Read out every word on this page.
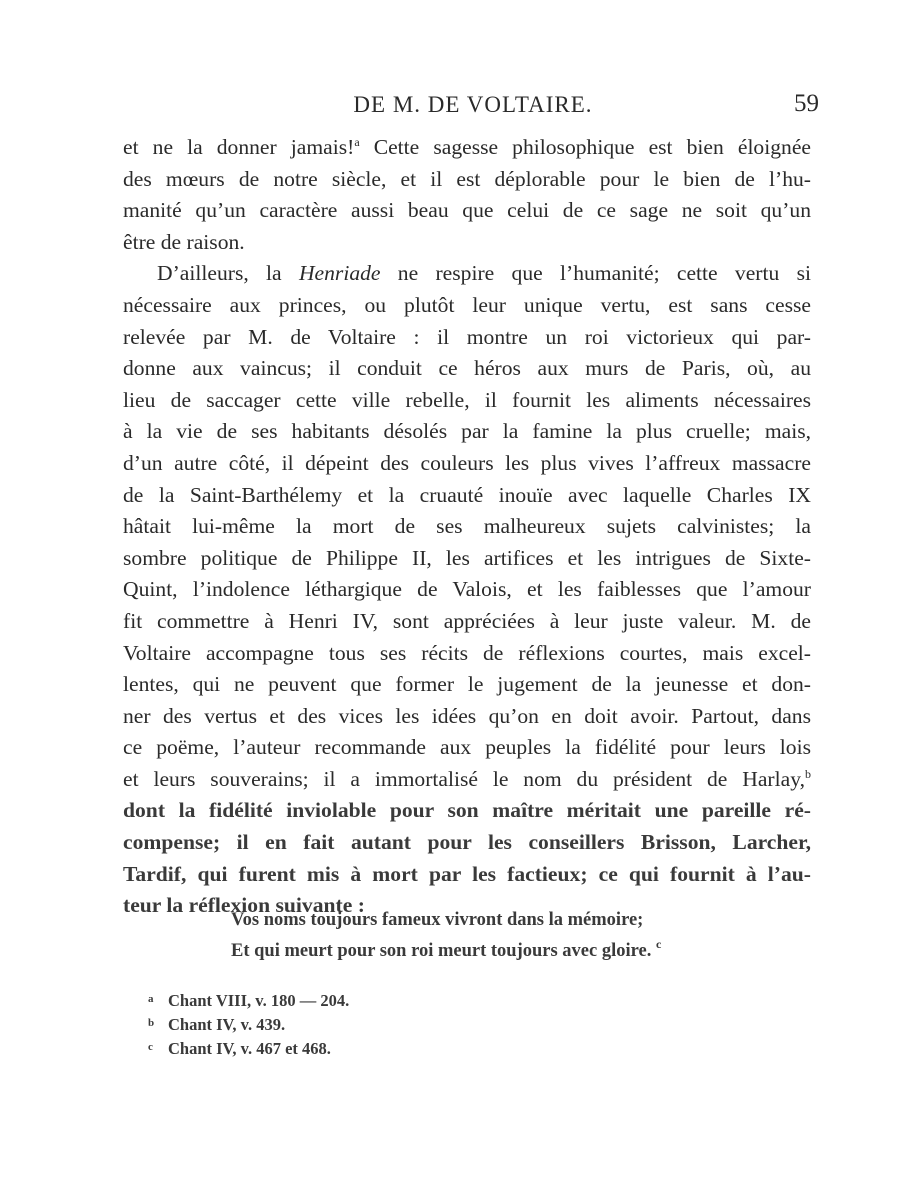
DE M. DE VOLTAIRE.	59
et ne la donner jamais!$^a$ Cette sagesse philosophique est bien éloignée
des mœurs de notre siècle, et il est déplorable pour le bien de l’hu-
manité qu’un caractère aussi beau que celui de ce sage ne soit qu’un
être de raison.
D’ailleurs, la Henriade ne respire que l’humanité; cette vertu si
nécessaire aux princes, ou plutôt leur unique vertu, est sans cesse
relevée par M. de Voltaire : il montre un roi victorieux qui par-
donne aux vaincus; il conduit ce héros aux murs de Paris, où, au
lieu de saccager cette ville rebelle, il fournit les aliments nécessaires
à la vie de ses habitants désolés par la famine la plus cruelle; mais,
d’un autre côté, il dépeint des couleurs les plus vives l’affreux massacre
de la Saint-Barthélemy et la cruauté inouïe avec laquelle Charles IX
hâtait lui-même la mort de ses malheureux sujets calvinistes; la
sombre politique de Philippe II, les artifices et les intrigues de Sixte-
Quint, l’indolence léthargique de Valois, et les faiblesses que l’amour
fit commettre à Henri IV, sont appréciées à leur juste valeur. M. de
Voltaire accompagne tous ses récits de réflexions courtes, mais excel-
lentes, qui ne peuvent que former le jugement de la jeunesse et don-
ner des vertus et des vices les idées qu’on en doit avoir. Partout, dans
ce poëme, l’auteur recommande aux peuples la fidélité pour leurs lois
et leurs souverains; il a immortalisé le nom du président de Harlay,$^b$
dont la fidélité inviolable pour son maître méritait une pareille ré-
compense; il en fait autant pour les conseillers Brisson, Larcher,
Tardif, qui furent mis à mort par les factieux; ce qui fournit à l’au-
teur la réflexion suivante :
Vos noms toujours fameux vivront dans la mémoire;
Et qui meurt pour son roi meurt toujours avec gloire. $^c$
a Chant VIII, v. 180 — 204.
b Chant IV, v. 439.
c Chant IV, v. 467 et 468.
